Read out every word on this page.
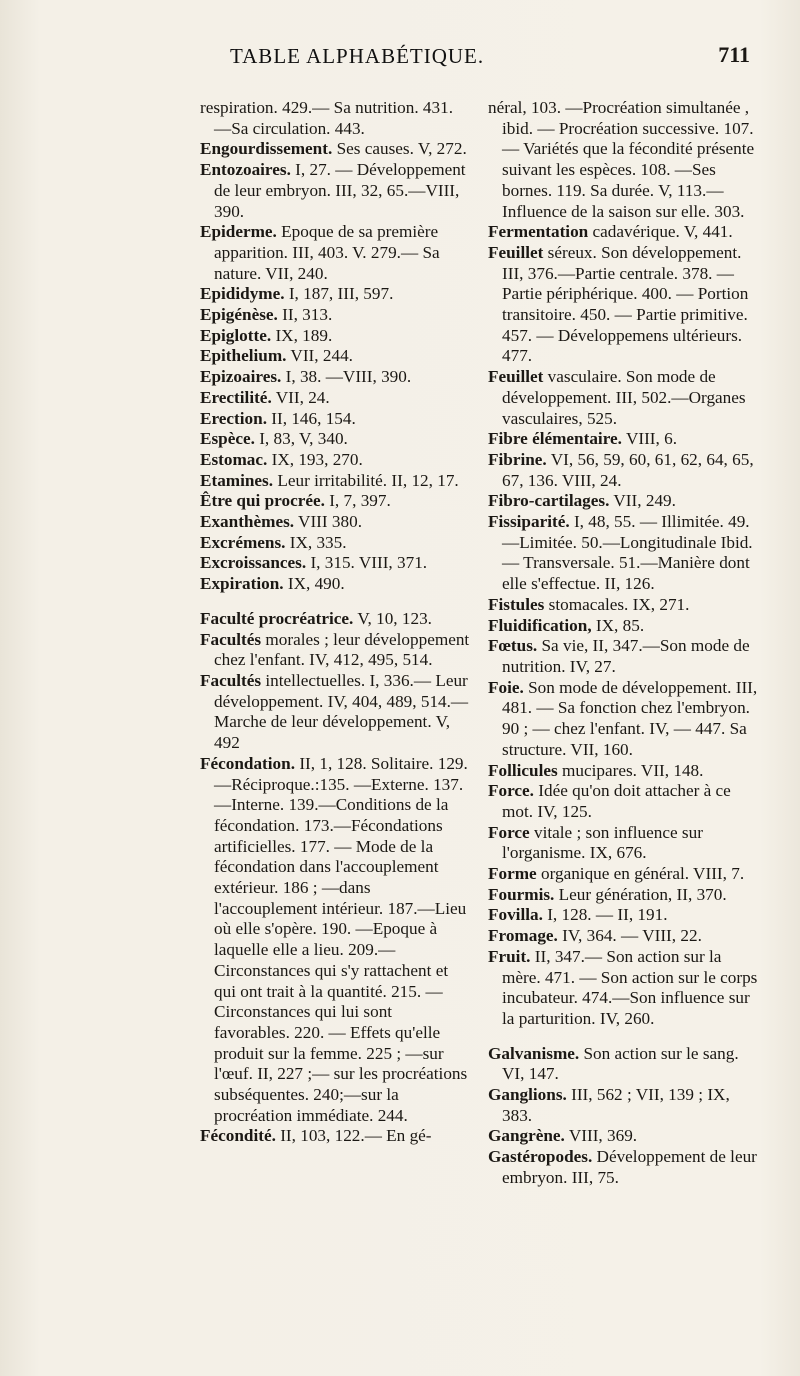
TABLE ALPHABÉTIQUE.	711

respiration. 429.— Sa nutrition. 431. —Sa circulation. 443.

Engourdissement. Ses causes. V, 272.

Entozoaires. I, 27. — Développement de leur embryon. III, 32, 65.—VIII, 390.

Epiderme. Epoque de sa première apparition. III, 403. V. 279.— Sa nature. VII, 240.

Epididyme. I, 187, III, 597.

Epigénèse. II, 313.

Epiglotte. IX, 189.

Epithelium. VII, 244.

Epizoaires. I, 38. —VIII, 390.

Erectilité. VII, 24.

Erection. II, 146, 154.

Espèce. I, 83, V, 340.

Estomac. IX, 193, 270.

Etamines. Leur irritabilité. II, 12, 17.

Être qui procrée. I, 7, 397.

Exanthèmes. VIII 380.

Excrémens. IX, 335.

Excroissances. I, 315. VIII, 371.

Expiration. IX, 490.

Faculté procréatrice. V, 10, 123.

Facultés morales ; leur développement chez l'enfant. IV, 412, 495, 514.

Facultés intellectuelles. I, 336.— Leur développement. IV, 404, 489, 514.—Marche de leur développement. V, 492

Fécondation. II, 1, 128. Solitaire. 129.—Réciproque.:135. —Externe. 137.—Interne. 139.—Conditions de la fécondation. 173.—Fécondations artificielles. 177. — Mode de la fécondation dans l'accouplement extérieur. 186 ; —dans l'accouplement intérieur. 187.—Lieu où elle s'opère. 190. —Epoque à laquelle elle a lieu. 209.—Circonstances qui s'y rattachent et qui ont trait à la quantité. 215. — Circonstances qui lui sont favorables. 220. — Effets qu'elle produit sur la femme. 225 ; —sur l'œuf. II, 227 ;— sur les procréations subséquentes. 240;—sur la procréation immédiate. 244.

Fécondité. II, 103, 122.— En gé-

néral, 103. —Procréation simultanée , ibid. — Procréation successive. 107. — Variétés que la fécondité présente suivant les espèces. 108. —Ses bornes. 119. Sa durée. V, 113.— Influence de la saison sur elle. 303.

Fermentation cadavérique. V, 441.

Feuillet séreux. Son développement. III, 376.—Partie centrale. 378. — Partie périphérique. 400. — Portion transitoire. 450. — Partie primitive. 457. — Développemens ultérieurs. 477.

Feuillet vasculaire. Son mode de développement. III, 502.—Organes vasculaires, 525.

Fibre élémentaire. VIII, 6.

Fibrine. VI, 56, 59, 60, 61, 62, 64, 65, 67, 136. VIII, 24.

Fibro-cartilages. VII, 249.

Fissiparité. I, 48, 55. — Illimitée. 49.—Limitée. 50.—Longitudinale Ibid. — Transversale. 51.—Manière dont elle s'effectue. II, 126.

Fistules stomacales. IX, 271.

Fluidification, IX, 85.

Fœtus. Sa vie, II, 347.—Son mode de nutrition. IV, 27.

Foie. Son mode de développement. III, 481. — Sa fonction chez l'embryon. 90 ; — chez l'enfant. IV, — 447. Sa structure. VII, 160.

Follicules mucipares. VII, 148.

Force. Idée qu'on doit attacher à ce mot. IV, 125.

Force vitale ; son influence sur l'organisme. IX, 676.

Forme organique en général. VIII, 7.

Fourmis. Leur génération, II, 370.

Fovilla. I, 128. — II, 191.

Fromage. IV, 364. — VIII, 22.

Fruit. II, 347.— Son action sur la mère. 471. — Son action sur le corps incubateur. 474.—Son influence sur la parturition. IV, 260.

Galvanisme. Son action sur le sang. VI, 147.

Ganglions. III, 562 ; VII, 139 ; IX, 383.

Gangrène. VIII, 369.

Gastéropodes. Développement de leur embryon. III, 75.
